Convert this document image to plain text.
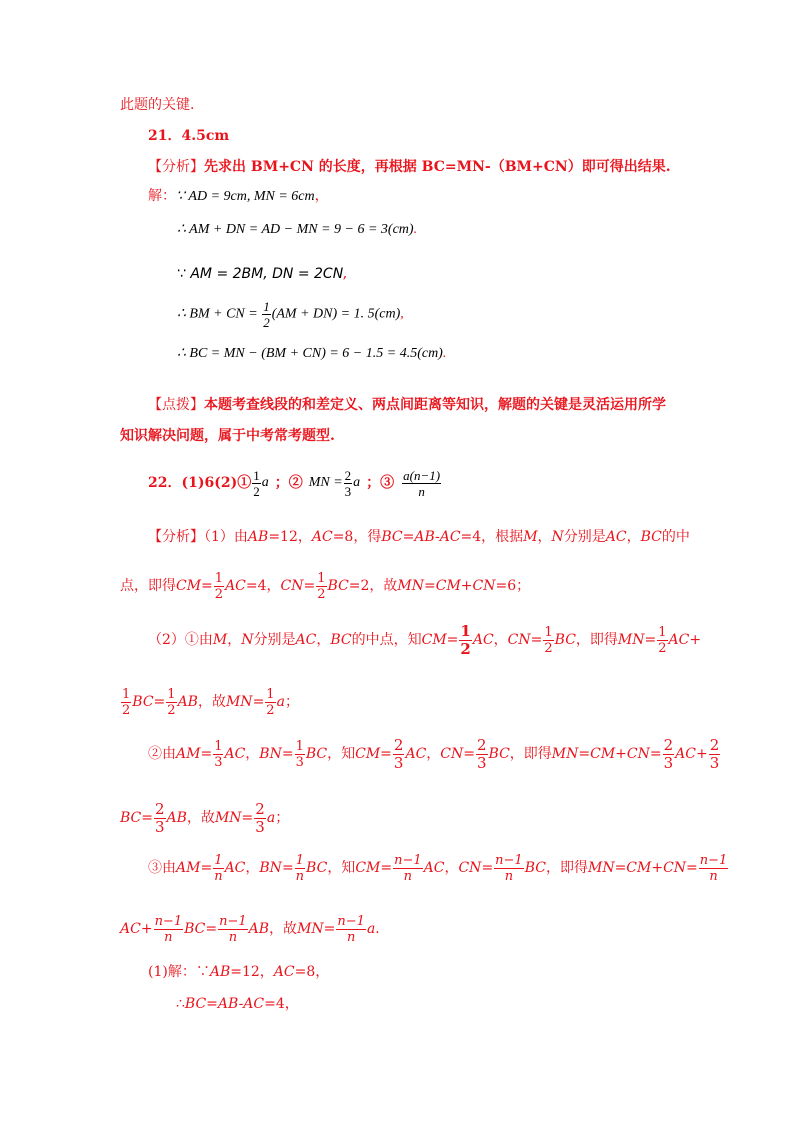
此题的关键.
21．4.5cm
【分析】先求出 BM+CN 的长度，再根据 BC=MN-（BM+CN）即可得出结果.
解：∵ AD = 9cm, MN = 6cm，
∴ AM + DN = AD − MN = 9 − 6 = 3(cm).
∵ AM = 2BM, DN = 2CN,
∴ BM + CN = $\frac{1}{2} (AM + DN) = 1$. 5(cm),
∴ BC = MN − (BM + CN) = 6 − 1.5 = 4.5(cm).
【点拨】本题考查线段的和差定义、两点间距离等知识，解题的关键是灵活运用所学
知识解决问题，属于中考常考题型.
22．(1)6(2)① $\frac{1}{2}$ a ；② MN = $\frac{2}{3}$ a ；③ $\frac{a(n-1)}{n}$
【分析】（1）由AB=12，AC=8，得BC=AB-AC=4，根据M，N分别是AC，BC的中
点，即得 CM = $\frac{1}{2}$ AC =4， CN = $\frac{1}{2}$ BC =2，故 MN=CM+CN =6；
（2）①由 M ， N 分别是 AC ， BC 的中点，知 CM = $\frac{1}{2}$ AC ， CN = $\frac{1}{2}$ BC ，即得 MN = $\frac{1}{2}$ AC +
$\frac{1}{2}$ BC = $\frac{1}{2}$ AB ，故 MN = $\frac{1}{2}$ a ；
②由 AM = $\frac{1}{3}$ AC ， BN = $\frac{1}{3}$ BC ，知 CM = $\frac{2}{3}$ AC ， CN = $\frac{2}{3}$ BC ，即得 $MN=CM+CN = \frac{2}{3}$ AC + $\frac{2}{3}$
BC = $\frac{2}{3}$ AB ，故 MN = $\frac{2}{3}$ a ；
③由 AM = $\frac{1}{n}$ AC ， BN = $\frac{1}{n}$ BC ，知 CM = $\frac{n-1}{n}$ AC ， CN = $\frac{n-1}{n}$ BC ，即得 $MN=CM+CN = \frac{n-1}{n}$
AC + $\frac{n-1}{n}$ BC = $\frac{n-1}{n}$ AB ，故 MN = $\frac{n-1}{n}$ a .
(1)解：∵AB=12，AC=8，
∴BC=AB-AC=4，
